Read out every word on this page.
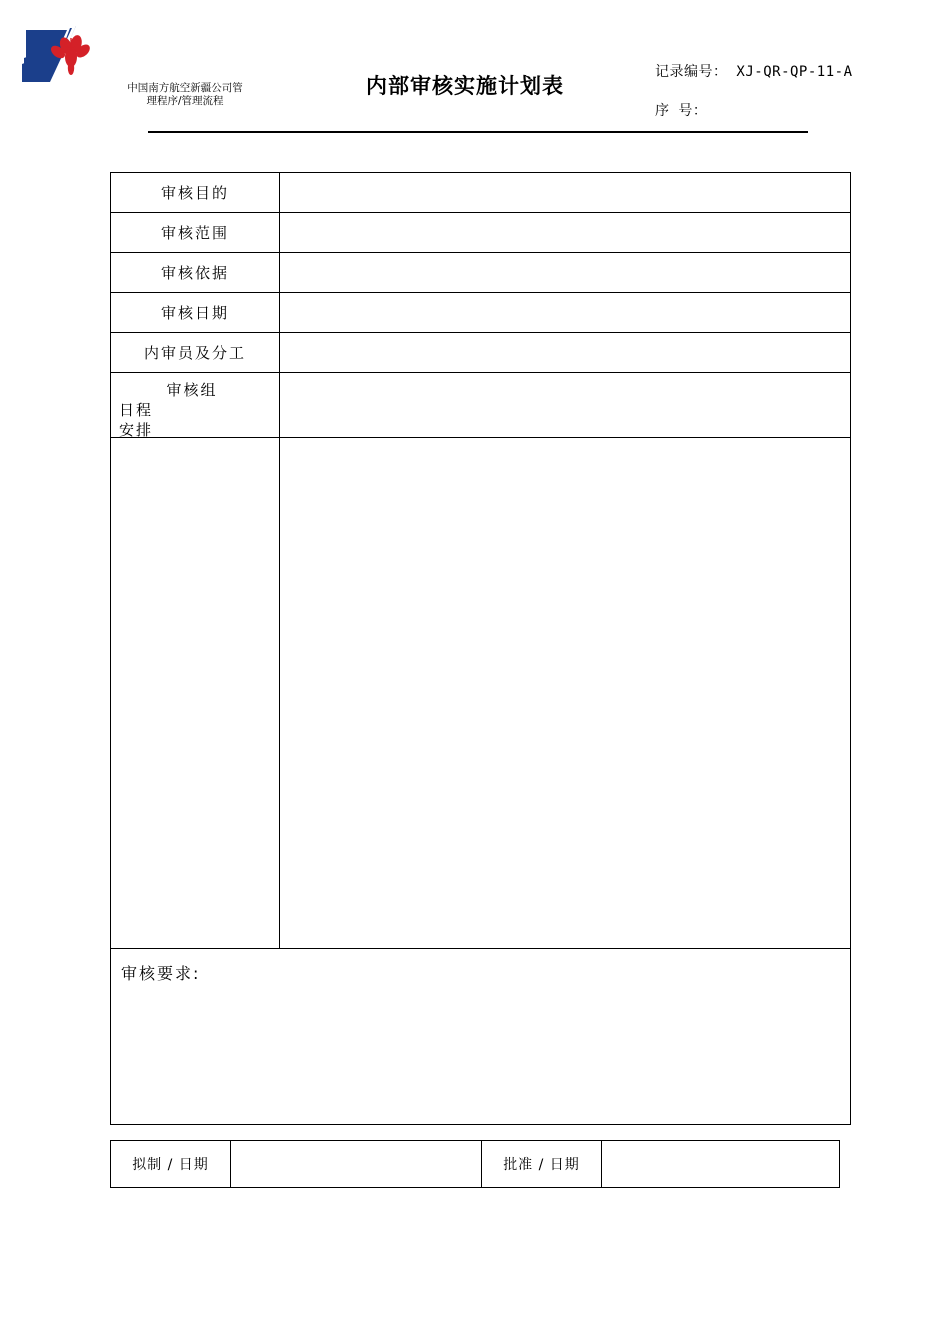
中国南方航空新疆公司管
理程序/管理流程
内部审核实施计划表
记录编号： XJ-QR-QP-11-A
序 号：
审核目的	
审核范围	
审核依据	
审核日期	
内审员及分工	

审核组
日程
安排	

审核要求:	
拟制 / 日期		批准 / 日期	
